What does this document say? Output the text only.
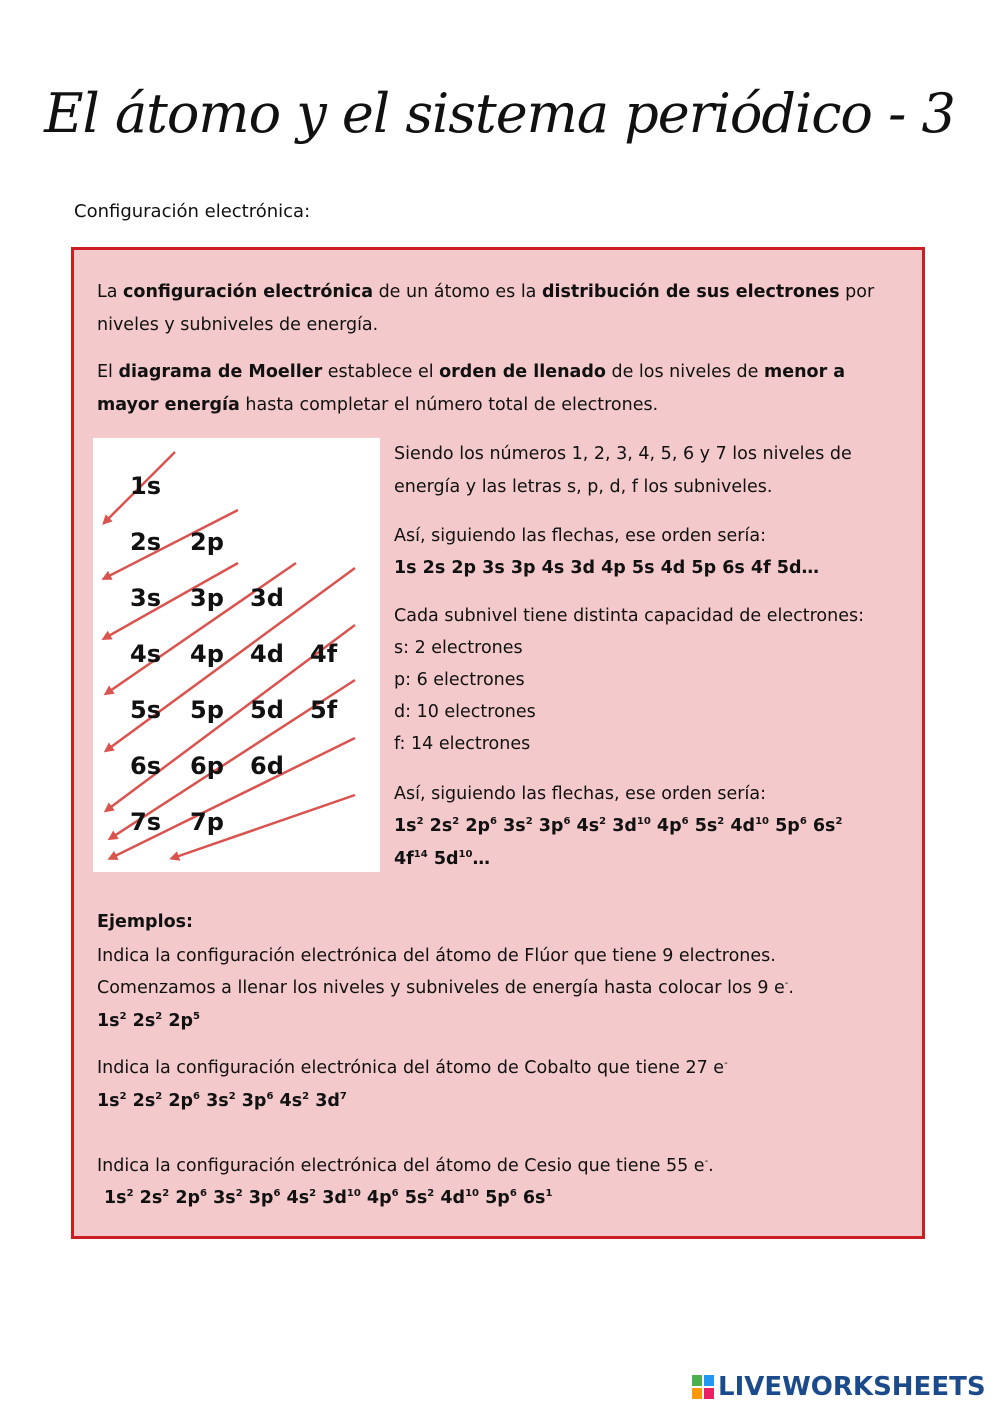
El átomo y el sistema periódico - 3
Configuración electrónica:

La configuración electrónica de un átomo es la distribución de sus electrones por niveles y subniveles de energía.

El diagrama de Moeller establece el orden de llenado de los niveles de menor a mayor energía hasta completar el número total de electrones.

1s
2s 2p
3s 3p 3d
4s 4p 4d 4f
5s 5p 5d 5f
6s 6p 6d
7s 7p

Siendo los números 1, 2, 3, 4, 5, 6 y 7 los niveles de energía y las letras s, p, d, f los subniveles.

Así, siguiendo las flechas, ese orden sería:

1s 2s 2p 3s 3p 4s 3d 4p 5s 4d 5p 6s 4f 5d…

Cada subnivel tiene distinta capacidad de electrones:

s: 2 electrones

p: 6 electrones

d: 10 electrones

f: 14 electrones

Así, siguiendo las flechas, ese orden sería:

$1s^2$ $2s^2$ $2p^6$ $3s^2$ $3p^6$ $4s^2$ $3d^{10}$ $4p^6$ $5s^2$ $4d^{10}$ $5p^6$ $6s^2$ $4f^{14}$ $5d^{10}\dots$

Ejemplos:

Indica la configuración electrónica del átomo de Flúor que tiene 9 electrones.

Comenzamos a llenar los niveles y subniveles de energía hasta colocar los 9 e-.

$1s^2$ $2s^2$ $2p^5$

Indica la configuración electrónica del átomo de Cobalto que tiene 27 e-

$1s^2$ $2s^2$ $2p^6$ $3s^2$ $3p^6$ $4s^2$ $3d^7$

Indica la configuración electrónica del átomo de Cesio que tiene 55 e-.

$1s^2$ $2s^2$ $2p^6$ $3s^2$ $3p^6$ $4s^2$ $3d^{10}$ $4p^6$ $5s^2$ $4d^{10}$ $5p^6$ $6s^1$

LIVEWORKSHEETS
